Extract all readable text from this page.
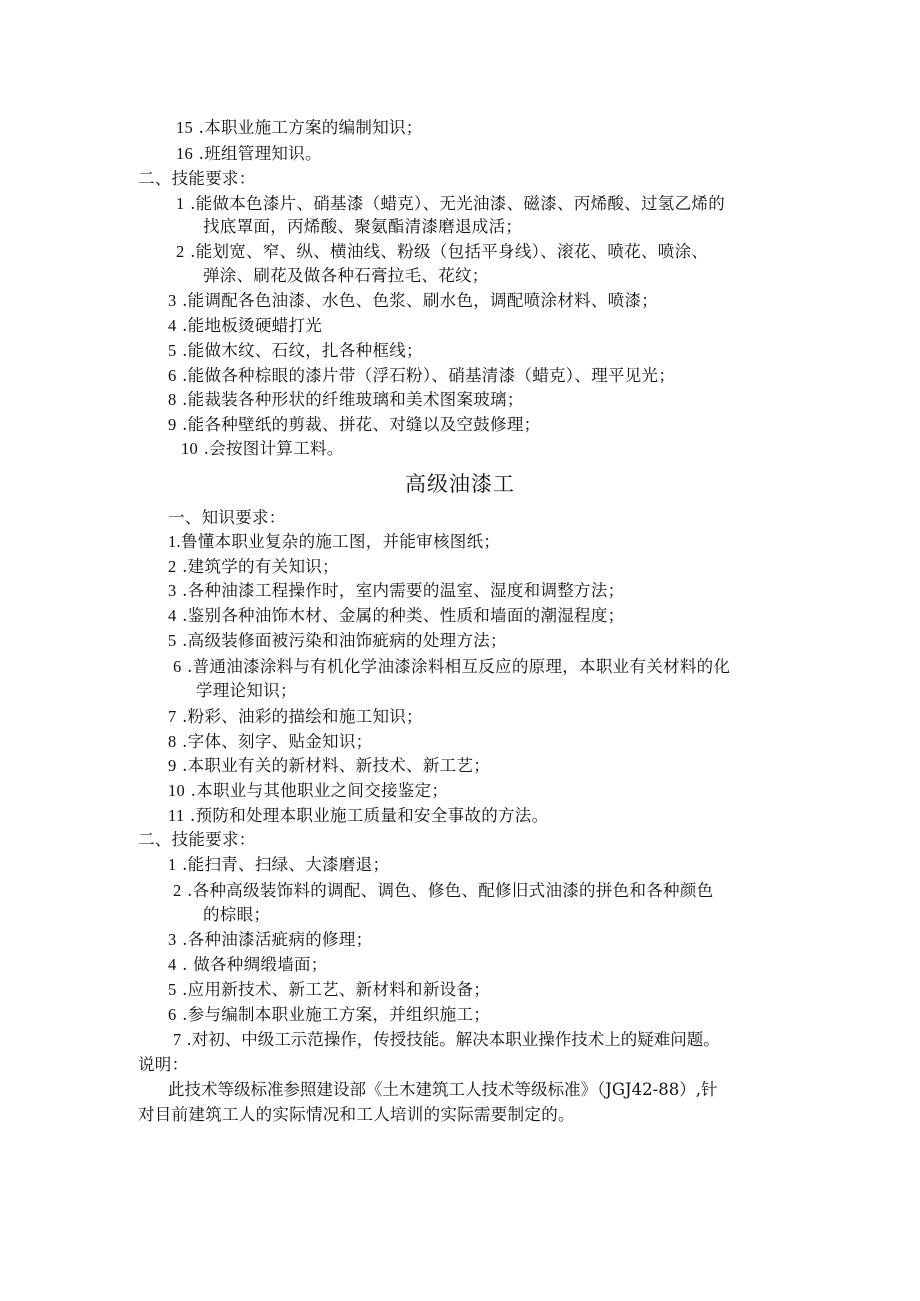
15 .本职业施工方案的编制知识；
16 .班组管理知识。
二、技能要求：
1 .能做本色漆片、硝基漆（蜡克）、无光油漆、磁漆、丙烯酸、过氢乙烯的
找底罩面，丙烯酸、聚氨酯清漆磨退成活；
2 .能划宽、窄、纵、横油线、粉级（包括平身线）、滚花、喷花、喷涂、
弹涂、刷花及做各种石膏拉毛、花纹；
3 .能调配各色油漆、水色、色浆、刷水色，调配喷涂材料、喷漆；
4 .能地板烫硬蜡打光
5 .能做木纹、石纹，扎各种框线；
6 .能做各种棕眼的漆片带（浮石粉）、硝基清漆（蜡克）、理平见光；
8 .能裁装各种形状的纤维玻璃和美术图案玻璃；
9 .能各种壁纸的剪裁、拼花、对缝以及空鼓修理；
10 .会按图计算工料。
高级油漆工
一、知识要求：
1.鲁懂本职业复杂的施工图，并能审核图纸；
2 .建筑学的有关知识；
3 .各种油漆工程操作时，室内需要的温室、湿度和调整方法；
4 .鉴别各种油饰木材、金属的种类、性质和墙面的潮湿程度；
5 .高级装修面被污染和油饰疵病的处理方法；
6 .普通油漆涂料与有机化学油漆涂料相互反应的原理，本职业有关材料的化
学理论知识；
7 .粉彩、油彩的描绘和施工知识；
8 .字体、刻字、贴金知识；
9 .本职业有关的新材料、新技术、新工艺；
10 .本职业与其他职业之间交接鉴定；
11 .预防和处理本职业施工质量和安全事故的方法。
二、技能要求：
1 .能扫青、扫绿、大漆磨退；
2 .各种高级装饰料的调配、调色、修色、配修旧式油漆的拼色和各种颜色
的棕眼；
3 .各种油漆活疵病的修理；
4 . 做各种绸缎墙面；
5 .应用新技术、新工艺、新材料和新设备；
6 .参与编制本职业施工方案，并组织施工；
7 .对初、中级工示范操作，传授技能。解决本职业操作技术上的疑难问题。
说明：
此技术等级标准参照建设部《土木建筑工人技术等级标准》（JGJ42-88）,针
对目前建筑工人的实际情况和工人培训的实际需要制定的。
